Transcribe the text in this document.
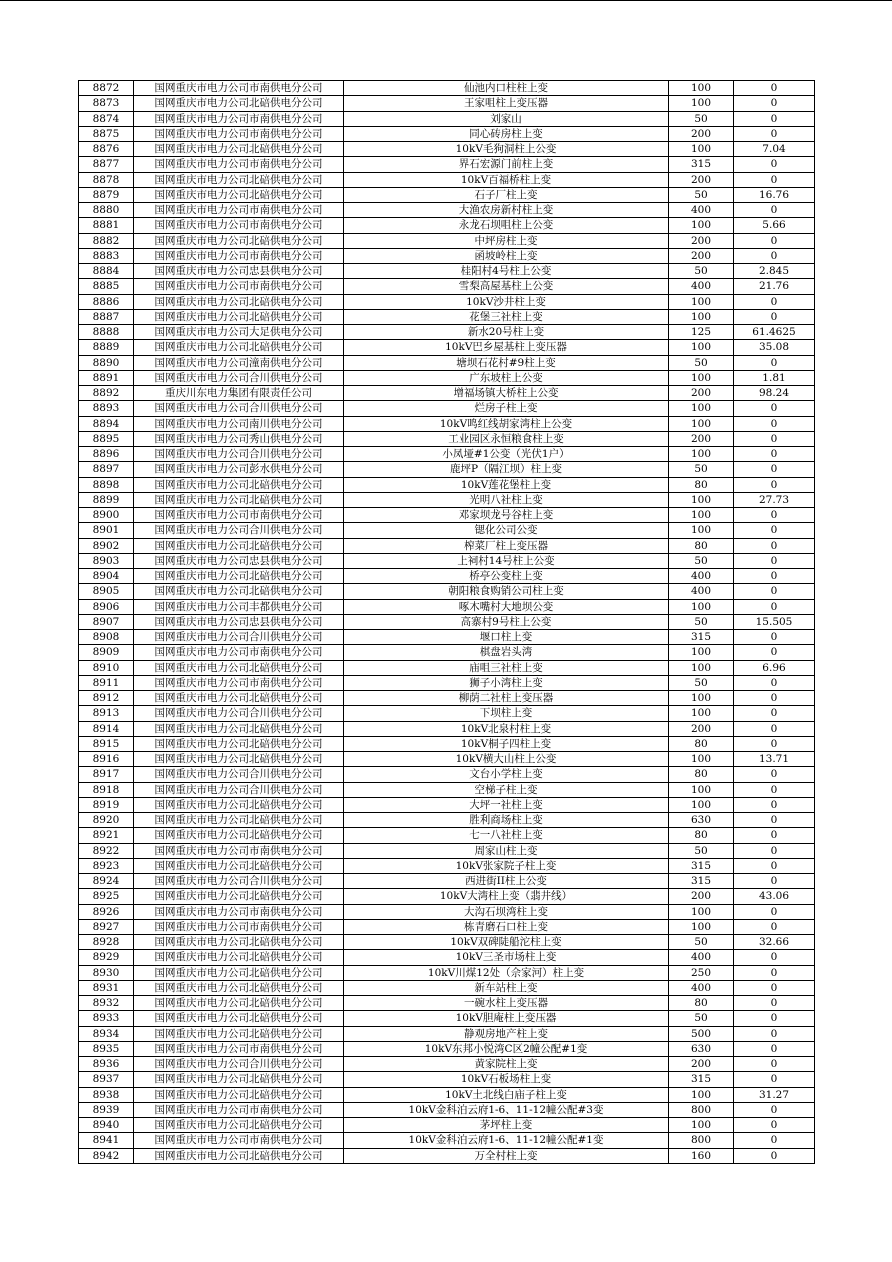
8872	国网重庆市电力公司市南供电分公司	仙池内口柱柱上变	100	0
8873	国网重庆市电力公司北碚供电分公司	王家咀柱上变压器	100	0
8874	国网重庆市电力公司市南供电分公司	刘家山	50	0
8875	国网重庆市电力公司市南供电分公司	同心砖房柱上变	200	0
8876	国网重庆市电力公司北碚供电分公司	10kV毛狗洞柱上公变	100	7.04
8877	国网重庆市电力公司市南供电分公司	界石宏源门前柱上变	315	0
8878	国网重庆市电力公司北碚供电分公司	10kV百福桥柱上变	200	0
8879	国网重庆市电力公司北碚供电分公司	石子厂柱上变	50	16.76
8880	国网重庆市电力公司市南供电分公司	大渔农房新村柱上变	400	0
8881	国网重庆市电力公司市南供电分公司	永龙石坝咀柱上公变	100	5.66
8882	国网重庆市电力公司北碚供电分公司	中坪房柱上变	200	0
8883	国网重庆市电力公司市南供电分公司	函坡岭柱上变	200	0
8884	国网重庆市电力公司忠县供电分公司	桂阳村4号柱上公变	50	2.845
8885	国网重庆市电力公司市南供电分公司	雪梨高屋基柱上公变	400	21.76
8886	国网重庆市电力公司北碚供电分公司	10kV沙井柱上变	100	0
8887	国网重庆市电力公司北碚供电分公司	花堡三社柱上变	100	0
8888	国网重庆市电力公司大足供电分公司	新水20号柱上变	125	61.4625
8889	国网重庆市电力公司北碚供电分公司	10kV巴乡屋基柱上变压器	100	35.08
8890	国网重庆市电力公司潼南供电分公司	塘坝石花村#9柱上变	50	0
8891	国网重庆市电力公司合川供电分公司	广东坡柱上公变	100	1.81
8892	重庆川东电力集团有限责任公司	增福场镇大桥柱上公变	200	98.24
8893	国网重庆市电力公司合川供电分公司	烂房子柱上变	100	0
8894	国网重庆市电力公司南川供电分公司	10kV鸣红线胡家湾柱上公变	100	0
8895	国网重庆市电力公司秀山供电分公司	工业园区永恒粮食柱上变	200	0
8896	国网重庆市电力公司合川供电分公司	小凤垭#1公变（光伏1户）	100	0
8897	国网重庆市电力公司彭水供电分公司	鹿坪P（隔江坝）柱上变	50	0
8898	国网重庆市电力公司北碚供电分公司	10kV莲花堡柱上变	80	0
8899	国网重庆市电力公司北碚供电分公司	光明八社柱上变	100	27.73
8900	国网重庆市电力公司市南供电分公司	邓家坝龙号谷柱上变	100	0
8901	国网重庆市电力公司合川供电分公司	锶化公司公变	100	0
8902	国网重庆市电力公司北碚供电分公司	榨菜厂柱上变压器	80	0
8903	国网重庆市电力公司忠县供电分公司	上祠村14号柱上公变	50	0
8904	国网重庆市电力公司北碚供电分公司	桥亭公变柱上变	400	0
8905	国网重庆市电力公司北碚供电分公司	朝阳粮食购销公司柱上变	400	0
8906	国网重庆市电力公司丰都供电分公司	啄木嘴村大地坝公变	100	0
8907	国网重庆市电力公司忠县供电分公司	高寨村9号柱上公变	50	15.505
8908	国网重庆市电力公司合川供电分公司	堰口柱上变	315	0
8909	国网重庆市电力公司市南供电分公司	棋盘岩头湾	100	0
8910	国网重庆市电力公司北碚供电分公司	庙咀三社柱上变	100	6.96
8911	国网重庆市电力公司市南供电分公司	狮子小湾柱上变	50	0
8912	国网重庆市电力公司北碚供电分公司	柳荫二社柱上变压器	100	0
8913	国网重庆市电力公司合川供电分公司	下坝柱上变	100	0
8914	国网重庆市电力公司北碚供电分公司	10kV北泉村柱上变	200	0
8915	国网重庆市电力公司北碚供电分公司	10kV桐子四柱上变	80	0
8916	国网重庆市电力公司北碚供电分公司	10kV横大山柱上公变	100	13.71
8917	国网重庆市电力公司合川供电分公司	文台小学柱上变	80	0
8918	国网重庆市电力公司合川供电分公司	空梯子柱上变	100	0
8919	国网重庆市电力公司北碚供电分公司	大坪一社柱上变	100	0
8920	国网重庆市电力公司北碚供电分公司	胜利商场柱上变	630	0
8921	国网重庆市电力公司北碚供电分公司	七一八社柱上变	80	0
8922	国网重庆市电力公司市南供电分公司	周家山柱上变	50	0
8923	国网重庆市电力公司北碚供电分公司	10kV张家院子柱上变	315	0
8924	国网重庆市电力公司合川供电分公司	西进街II柱上公变	315	0
8925	国网重庆市电力公司北碚供电分公司	10kV大湾柱上变（翡井线）	200	43.06
8926	国网重庆市电力公司市南供电分公司	大沟石坝湾柱上变	100	0
8927	国网重庆市电力公司市南供电分公司	栋青磨石口柱上变	100	0
8928	国网重庆市电力公司北碚供电分公司	10kV双碑陡船沱柱上变	50	32.66
8929	国网重庆市电力公司北碚供电分公司	10kV三圣市场柱上变	400	0
8930	国网重庆市电力公司北碚供电分公司	10kV川煤12处（佘家河）柱上变	250	0
8931	国网重庆市电力公司北碚供电分公司	新车站柱上变	400	0
8932	国网重庆市电力公司北碚供电分公司	一碗水柱上变压器	80	0
8933	国网重庆市电力公司北碚供电分公司	10kV胆庵柱上变压器	50	0
8934	国网重庆市电力公司北碚供电分公司	静观房地产柱上变	500	0
8935	国网重庆市电力公司市南供电分公司	10kV东邦小悦湾C区2幢公配#1变	630	0
8936	国网重庆市电力公司合川供电分公司	黄家院柱上变	200	0
8937	国网重庆市电力公司北碚供电分公司	10kV石板场柱上变	315	0
8938	国网重庆市电力公司北碚供电分公司	10kV土北线白庙子柱上变	100	31.27
8939	国网重庆市电力公司市南供电分公司	10kV金科泊云府1-6、11-12幢公配#3变	800	0
8940	国网重庆市电力公司北碚供电分公司	茅坪柱上变	100	0
8941	国网重庆市电力公司市南供电分公司	10kV金科泊云府1-6、11-12幢公配#1变	800	0
8942	国网重庆市电力公司北碚供电分公司	万全村柱上变	160	0
